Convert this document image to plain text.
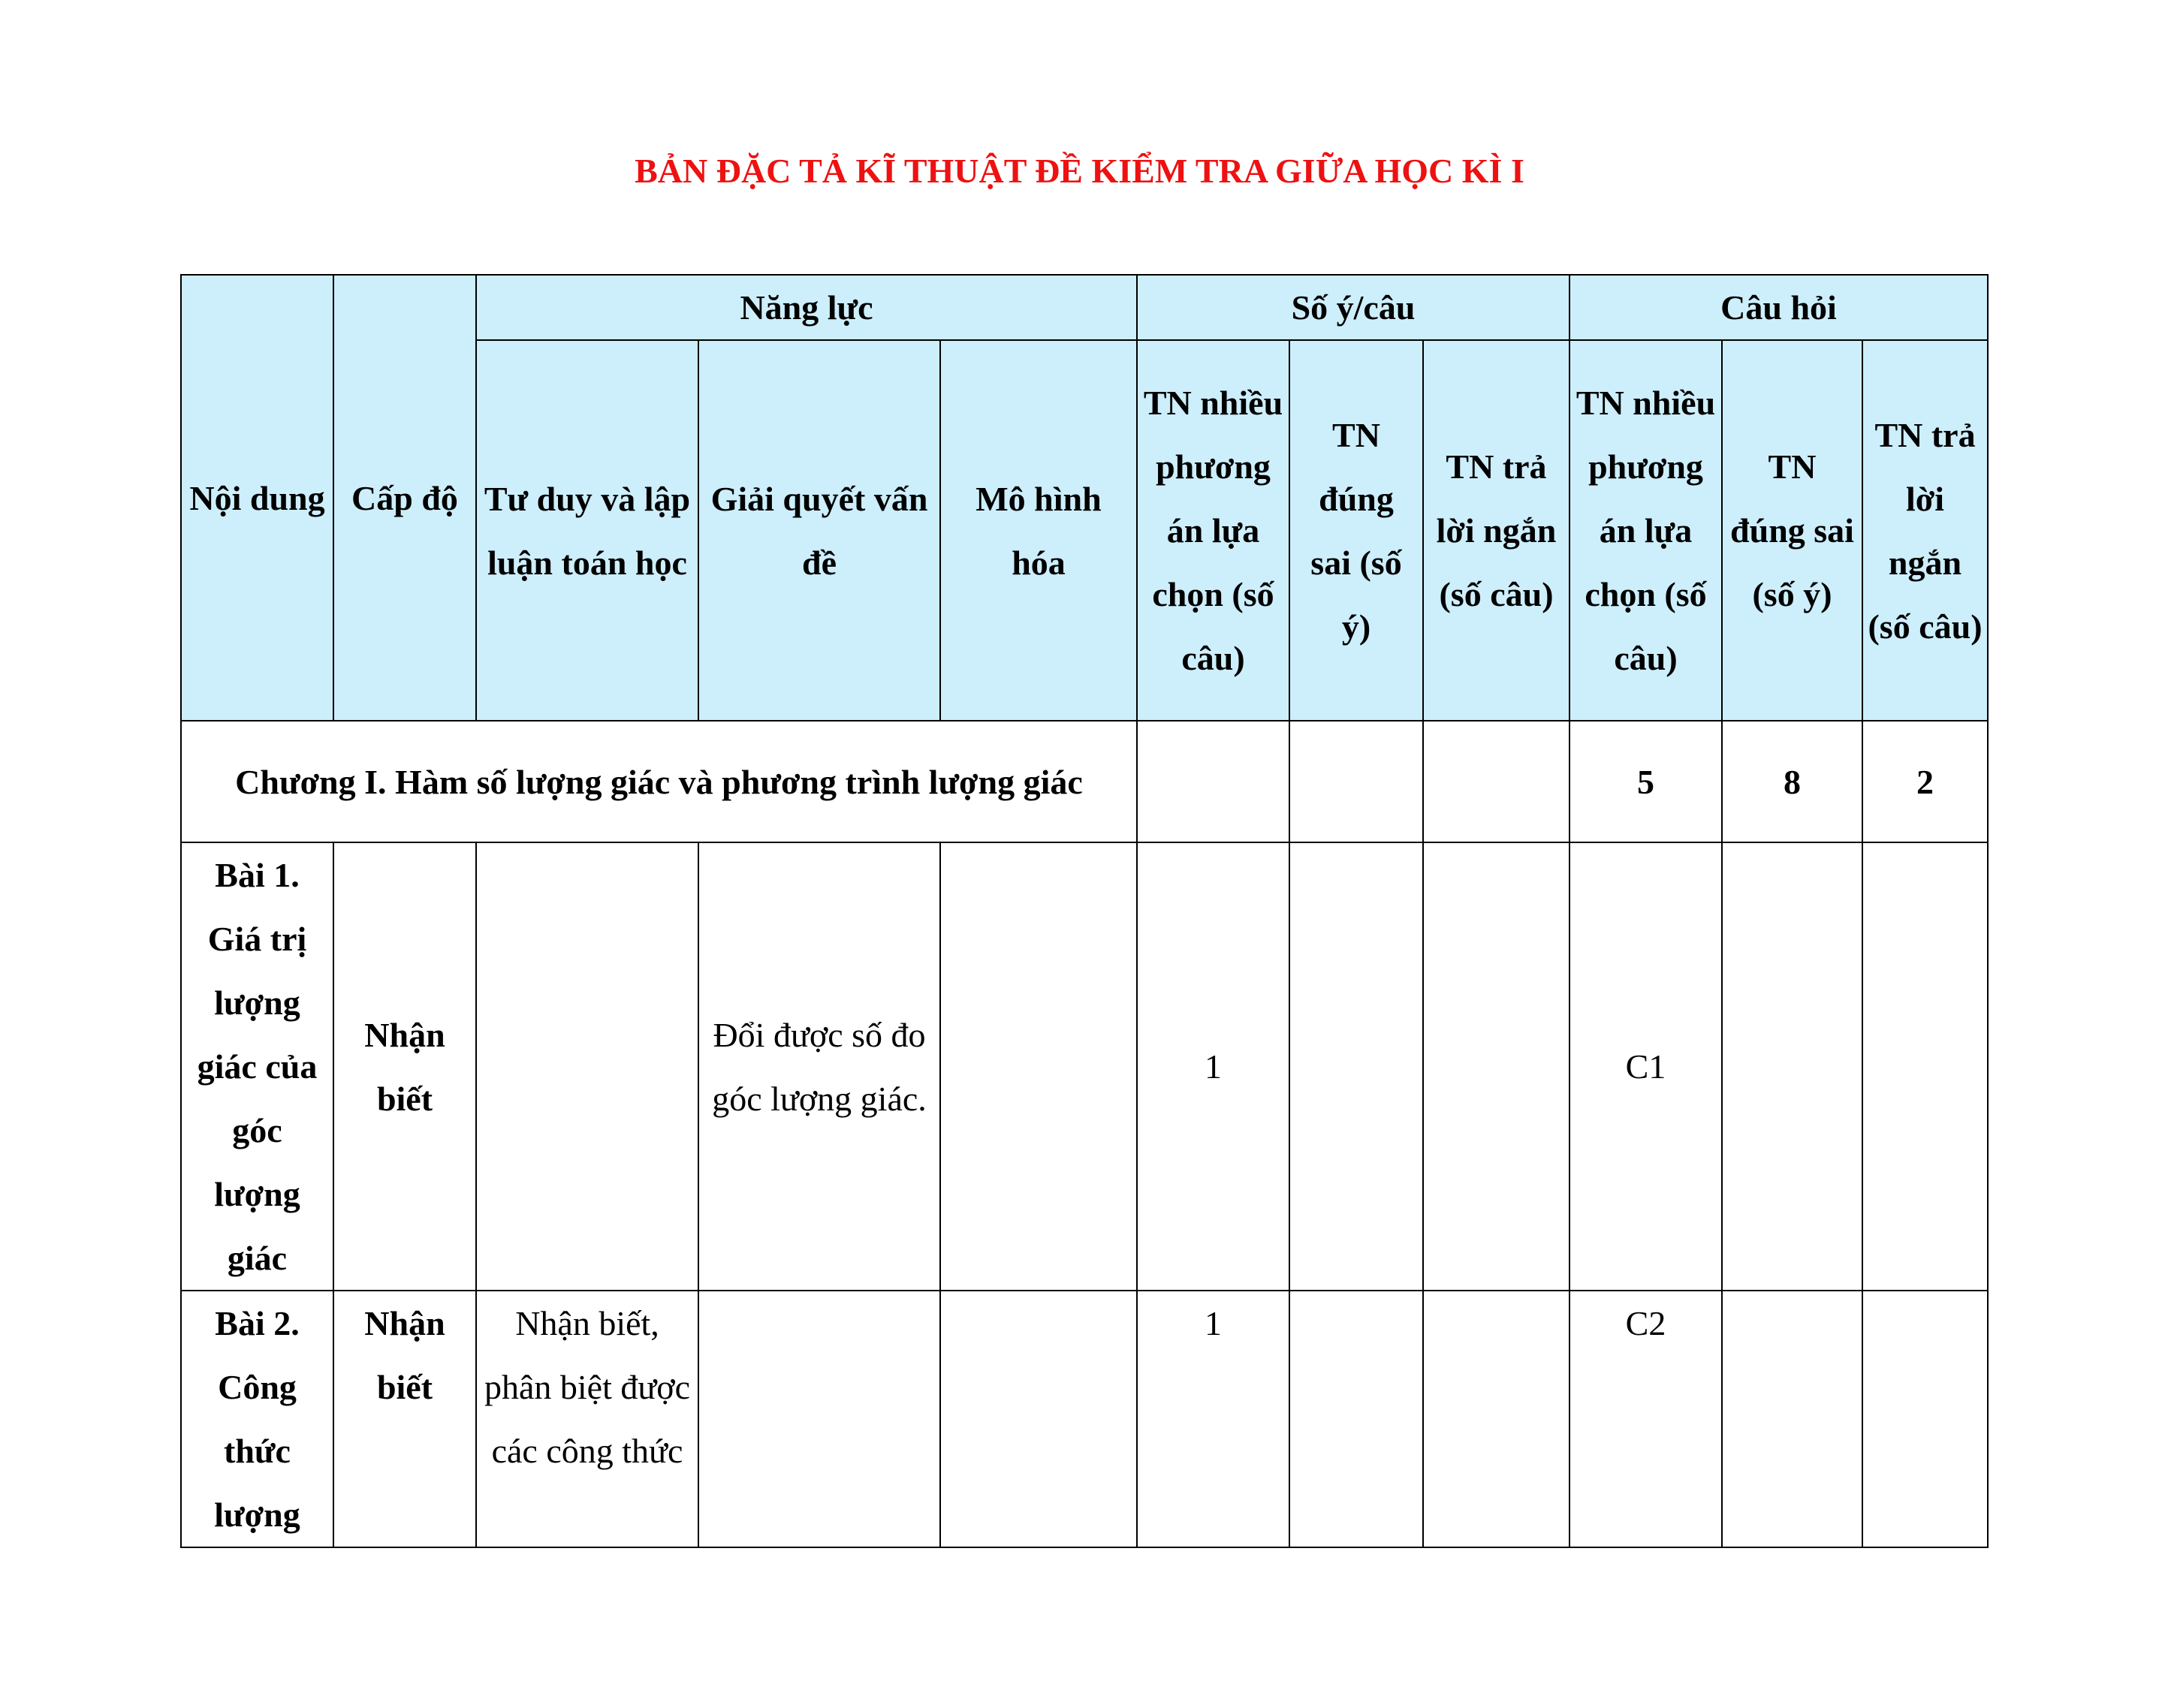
BẢN ĐẶC TẢ KĨ THUẬT ĐỀ KIỂM TRA GIỮA HỌC KÌ I
Nội dung	Cấp độ	Năng lực			Số ý/câu			Câu hỏi		
		Tư duy và lập luận toán học	Giải quyết vấn đề	Mô hình hóa	TN nhiều phương án lựa chọn (số câu)	TN đúng sai (số ý)	TN trả lời ngắn (số câu)	TN nhiều phương án lựa chọn (số câu)	TN đúng sai (số ý)	TN trả lời ngắn (số câu)
Chương I. Hàm số lượng giác và phương trình lượng giác								5	8	2
Bài 1. Giá trị lượng giác của góc lượng giác	Nhận biết		Đổi được số đo góc lượng giác.		1			C1		
Bài 2. Công thức lượng	Nhận biết	Nhận biết, phân biệt được các công thức			1			C2		
